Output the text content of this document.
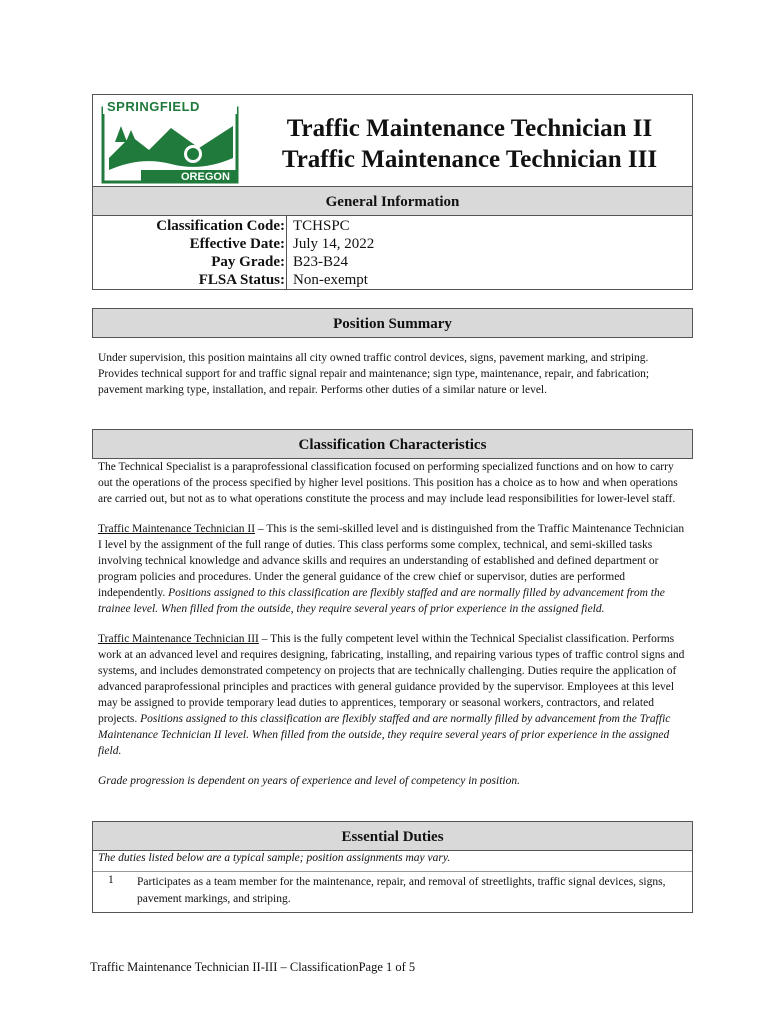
SPRINGFIELD
OREGON
Traffic Maintenance Technician II
Traffic Maintenance Technician III
General Information
Classification Code: TCHSPC
Effective Date: July 14, 2022
Pay Grade: B23-B24
FLSA Status: Non-exempt
Position Summary

Under supervision, this position maintains all city owned traffic control devices, signs, pavement marking, and striping. Provides technical support for and traffic signal repair and maintenance; sign type, maintenance, repair, and fabrication; pavement marking type, installation, and repair. Performs other duties of a similar nature or level.

Classification Characteristics

The Technical Specialist is a paraprofessional classification focused on performing specialized functions and on how to carry out the operations of the process specified by higher level positions. This position has a choice as to how and when operations are carried out, but not as to what operations constitute the process and may include lead responsibilities for lower-level staff.

Traffic Maintenance Technician II – This is the semi-skilled level and is distinguished from the Traffic Maintenance Technician I level by the assignment of the full range of duties. This class performs some complex, technical, and semi-skilled tasks involving technical knowledge and advance skills and requires an understanding of established and defined department or program policies and procedures. Under the general guidance of the crew chief or supervisor, duties are performed independently. Positions assigned to this classification are flexibly staffed and are normally filled by advancement from the trainee level. When filled from the outside, they require several years of prior experience in the assigned field.

Traffic Maintenance Technician III – This is the fully competent level within the Technical Specialist classification. Performs work at an advanced level and requires designing, fabricating, installing, and repairing various types of traffic control signs and systems, and includes demonstrated competency on projects that are technically challenging. Duties require the application of advanced paraprofessional principles and practices with general guidance provided by the supervisor. Employees at this level may be assigned to provide temporary lead duties to apprentices, temporary or seasonal workers, contractors, and related projects. Positions assigned to this classification are flexibly staffed and are normally filled by advancement from the Traffic Maintenance Technician II level. When filled from the outside, they require several years of prior experience in the assigned field.

Grade progression is dependent on years of experience and level of competency in position.

Essential Duties
The duties listed below are a typical sample; position assignments may vary.
1 Participates as a team member for the maintenance, repair, and removal of streetlights, traffic signal devices, signs, pavement markings, and striping.
Traffic Maintenance Technician II-III – ClassificationPage 1 of 5
